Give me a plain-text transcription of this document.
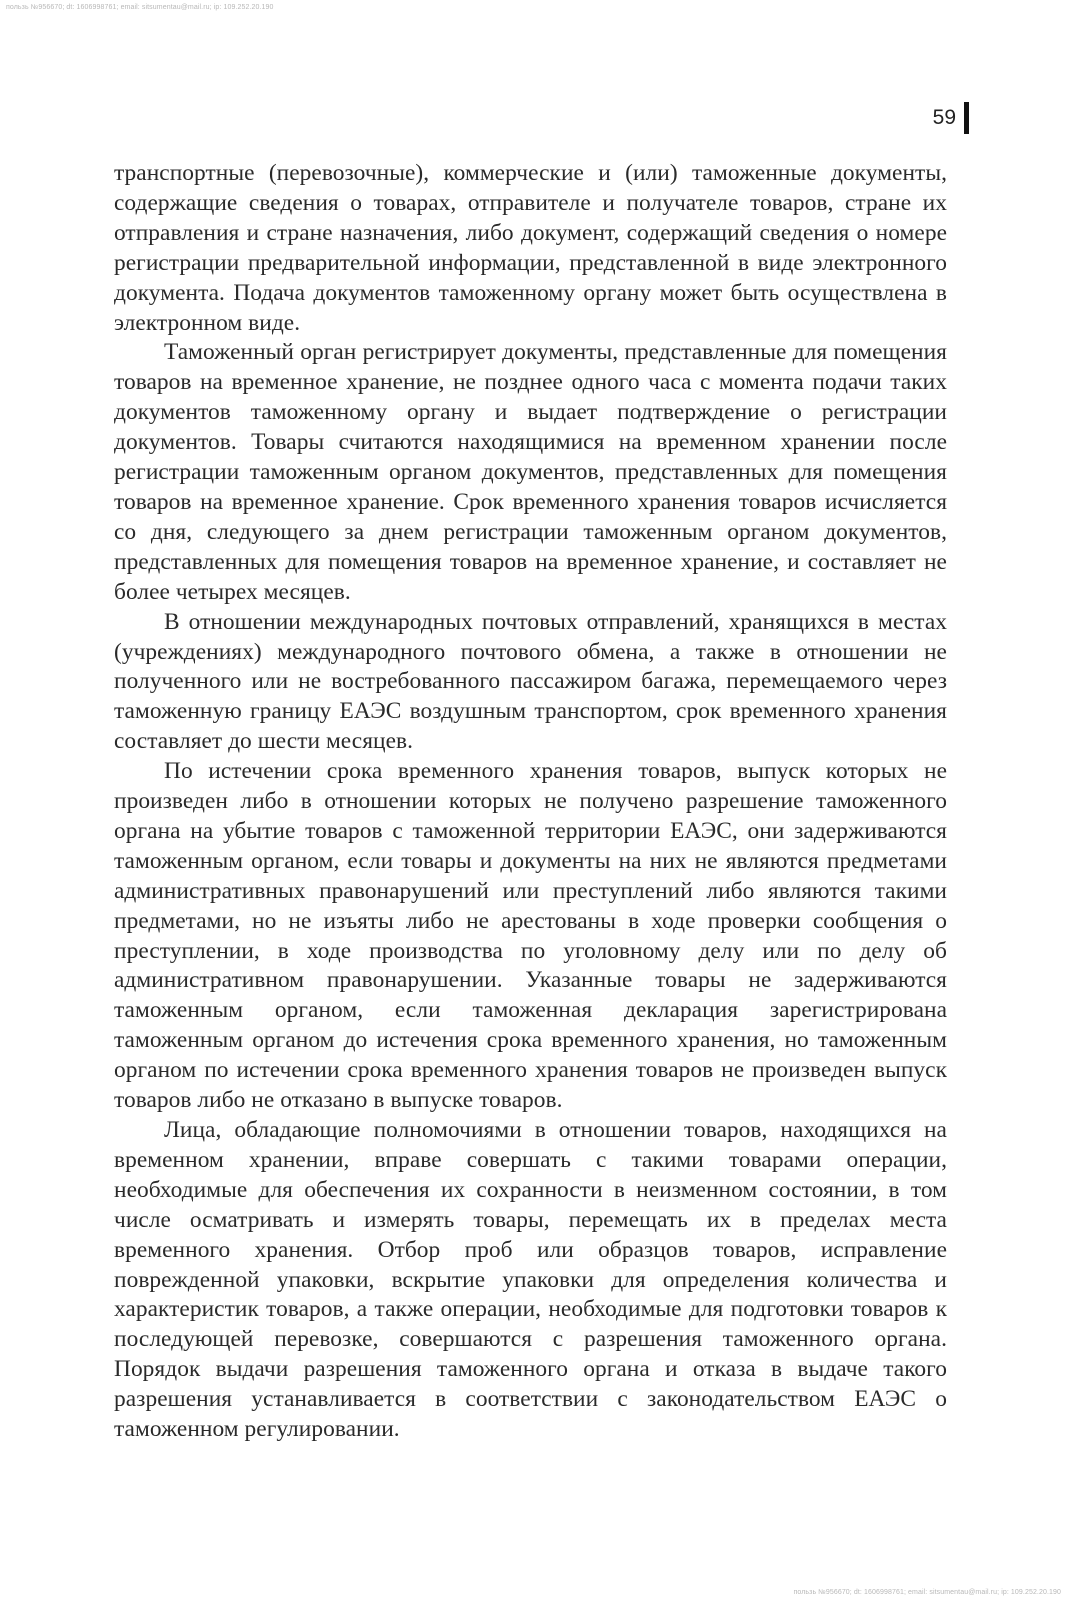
пользь №956670; dt: 1606998761; email: sitsumentau@mail.ru; ip: 109.252.20.190
59

транспортные (перевозочные), коммерческие и (или) таможенные документы, содержащие сведения о товарах, отправителе и получателе товаров, стране их отправления и стране назначения, либо документ, содержащий сведения о номере регистрации предварительной информации, представленной в виде электронного документа. Подача документов таможенному органу может быть осуществлена в электронном виде.

Таможенный орган регистрирует документы, представленные для помещения товаров на временное хранение, не позднее одного часа с момента подачи таких документов таможенному органу и выдает подтверждение о регистрации документов. Товары считаются находящимися на временном хранении после регистрации таможенным органом документов, представленных для помещения товаров на временное хранение. Срок временного хранения товаров исчисляется со дня, следующего за днем регистрации таможенным органом документов, представленных для помещения товаров на временное хранение, и составляет не более четырех месяцев.

В отношении международных почтовых отправлений, хранящихся в местах (учреждениях) международного почтового обмена, а также в отношении не полученного или не востребованного пассажиром багажа, перемещаемого через таможенную границу ЕАЭС воздушным транспортом, срок временного хранения составляет до шести месяцев.

По истечении срока временного хранения товаров, выпуск которых не произведен либо в отношении которых не получено разрешение таможенного органа на убытие товаров с таможенной территории ЕАЭС, они задерживаются таможенным органом, если товары и документы на них не являются предметами административных правонарушений или преступлений либо являются такими предметами, но не изъяты либо не арестованы в ходе проверки сообщения о преступлении, в ходе производства по уголовному делу или по делу об административном правонарушении. Указанные товары не задерживаются таможенным органом, если таможенная декларация зарегистрирована таможенным органом до истечения срока временного хранения, но таможенным органом по истечении срока временного хранения товаров не произведен выпуск товаров либо не отказано в выпуске товаров.

Лица, обладающие полномочиями в отношении товаров, находящихся на временном хранении, вправе совершать с такими товарами операции, необходимые для обеспечения их сохранности в неизменном состоянии, в том числе осматривать и измерять товары, перемещать их в пределах места временного хранения. Отбор проб или образцов товаров, исправление поврежденной упаковки, вскрытие упаковки для определения количества и характеристик товаров, а также операции, необходимые для подготовки товаров к последующей перевозке, совершаются с разрешения таможенного органа. Порядок выдачи разрешения таможенного органа и отказа в выдаче такого разрешения устанавливается в соответствии с законодательством ЕАЭС о таможенном регулировании.

пользь №956670; dt: 1606998761; email: sitsumentau@mail.ru; ip: 109.252.20.190
